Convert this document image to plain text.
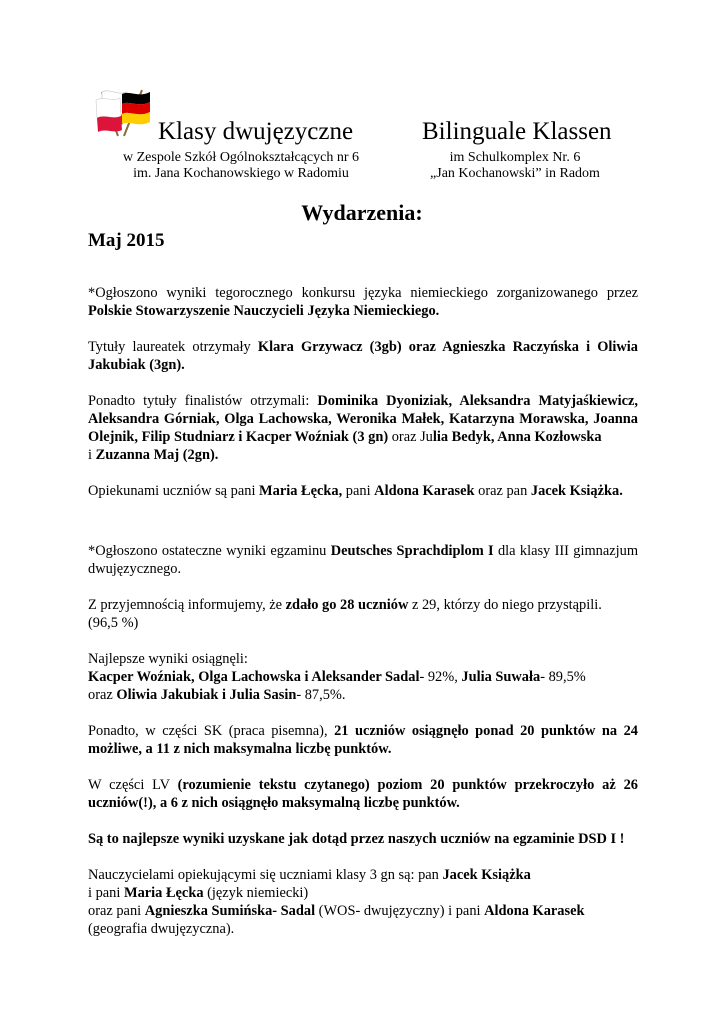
Klasy dwujęzyczne	Bilinguale Klassen
w Zespole Szkół Ogólnokształcących nr 6
im. Jana Kochanowskiego w Radomiu
im Schulkomplex Nr. 6
„Jan Kochanowski” in Radom
Wydarzenia:
Maj 2015

*Ogłoszono wyniki tegorocznego konkursu języka niemieckiego zorganizowanego przez Polskie Stowarzyszenie Nauczycieli Języka Niemieckiego.

Tytuły laureatek otrzymały Klara Grzywacz (3gb) oraz Agnieszka Raczyńska i Oliwia Jakubiak (3gn).

Ponadto tytuły finalistów otrzymali: Dominika Dyoniziak, Aleksandra Matyjaśkiewicz, Aleksandra Górniak, Olga Lachowska, Weronika Małek, Katarzyna Morawska, Joanna Olejnik, Filip Studniarz i Kacper Woźniak (3 gn) oraz Julia Bedyk, Anna Kozłowska
i Zuzanna Maj (2gn).

Opiekunami uczniów są pani Maria Łęcka, pani Aldona Karasek oraz pan Jacek Książka.

*Ogłoszono ostateczne wyniki egzaminu Deutsches Sprachdiplom I dla klasy III gimnazjum dwujęzycznego.

Z przyjemnością informujemy, że zdało go 28 uczniów z 29, którzy do niego przystąpili.
(96,5 %)

Najlepsze wyniki osiągnęli:
Kacper Woźniak, Olga Lachowska i Aleksander Sadal- 92%, Julia Suwała- 89,5%
oraz Oliwia Jakubiak i Julia Sasin- 87,5%.

Ponadto, w części SK (praca pisemna), 21 uczniów osiągnęło ponad 20 punktów na 24 możliwe, a 11 z nich maksymalna liczbę punktów.

W części LV (rozumienie tekstu czytanego) poziom 20 punktów przekroczyło aż 26 uczniów(!), a 6 z nich osiągnęło maksymalną liczbę punktów.

Są to najlepsze wyniki uzyskane jak dotąd przez naszych uczniów na egzaminie DSD I !

Nauczycielami opiekującymi się uczniami klasy 3 gn są: pan Jacek Książka
i pani Maria Łęcka (język niemiecki)
oraz pani Agnieszka Sumińska- Sadal (WOS- dwujęzyczny) i pani Aldona Karasek
(geografia dwujęzyczna).
